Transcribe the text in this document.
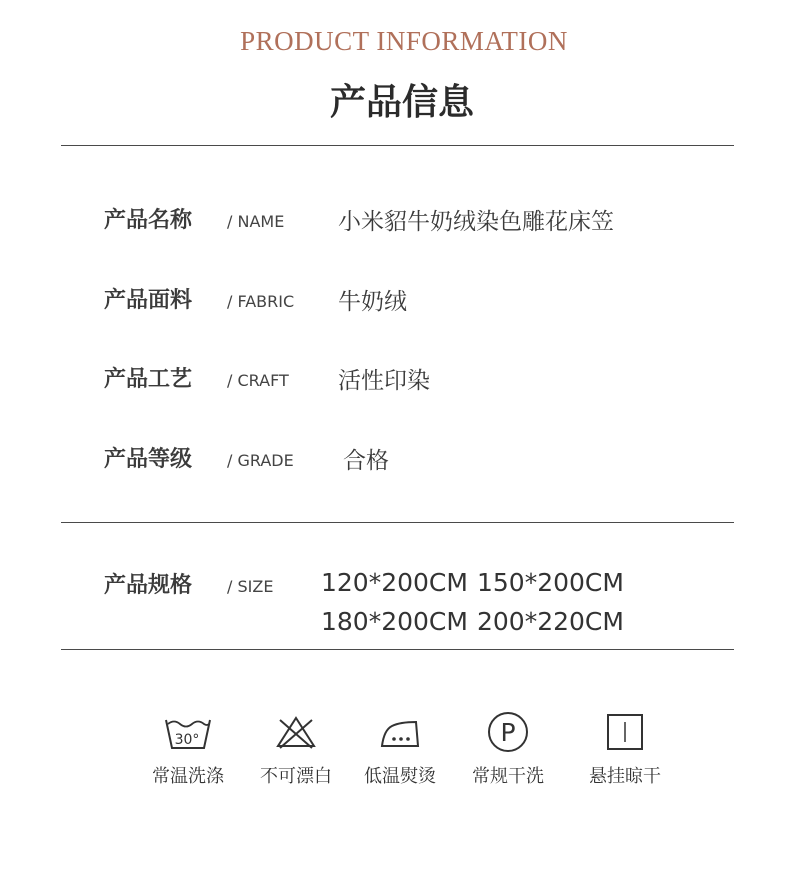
PRODUCT INFORMATION
产品信息
产品名称 / NAME 小米貂牛奶绒染色雕花床笠
产品面料 / FABRIC 牛奶绒
产品工艺 / CRAFT 活性印染
产品等级 / GRADE 合格
产品规格 / SIZE 120*200CM 150*200CM
180*200CM 200*220CM
30°
常温洗涤	不可漂白	低温熨烫
P
常规干洗	悬挂晾干
